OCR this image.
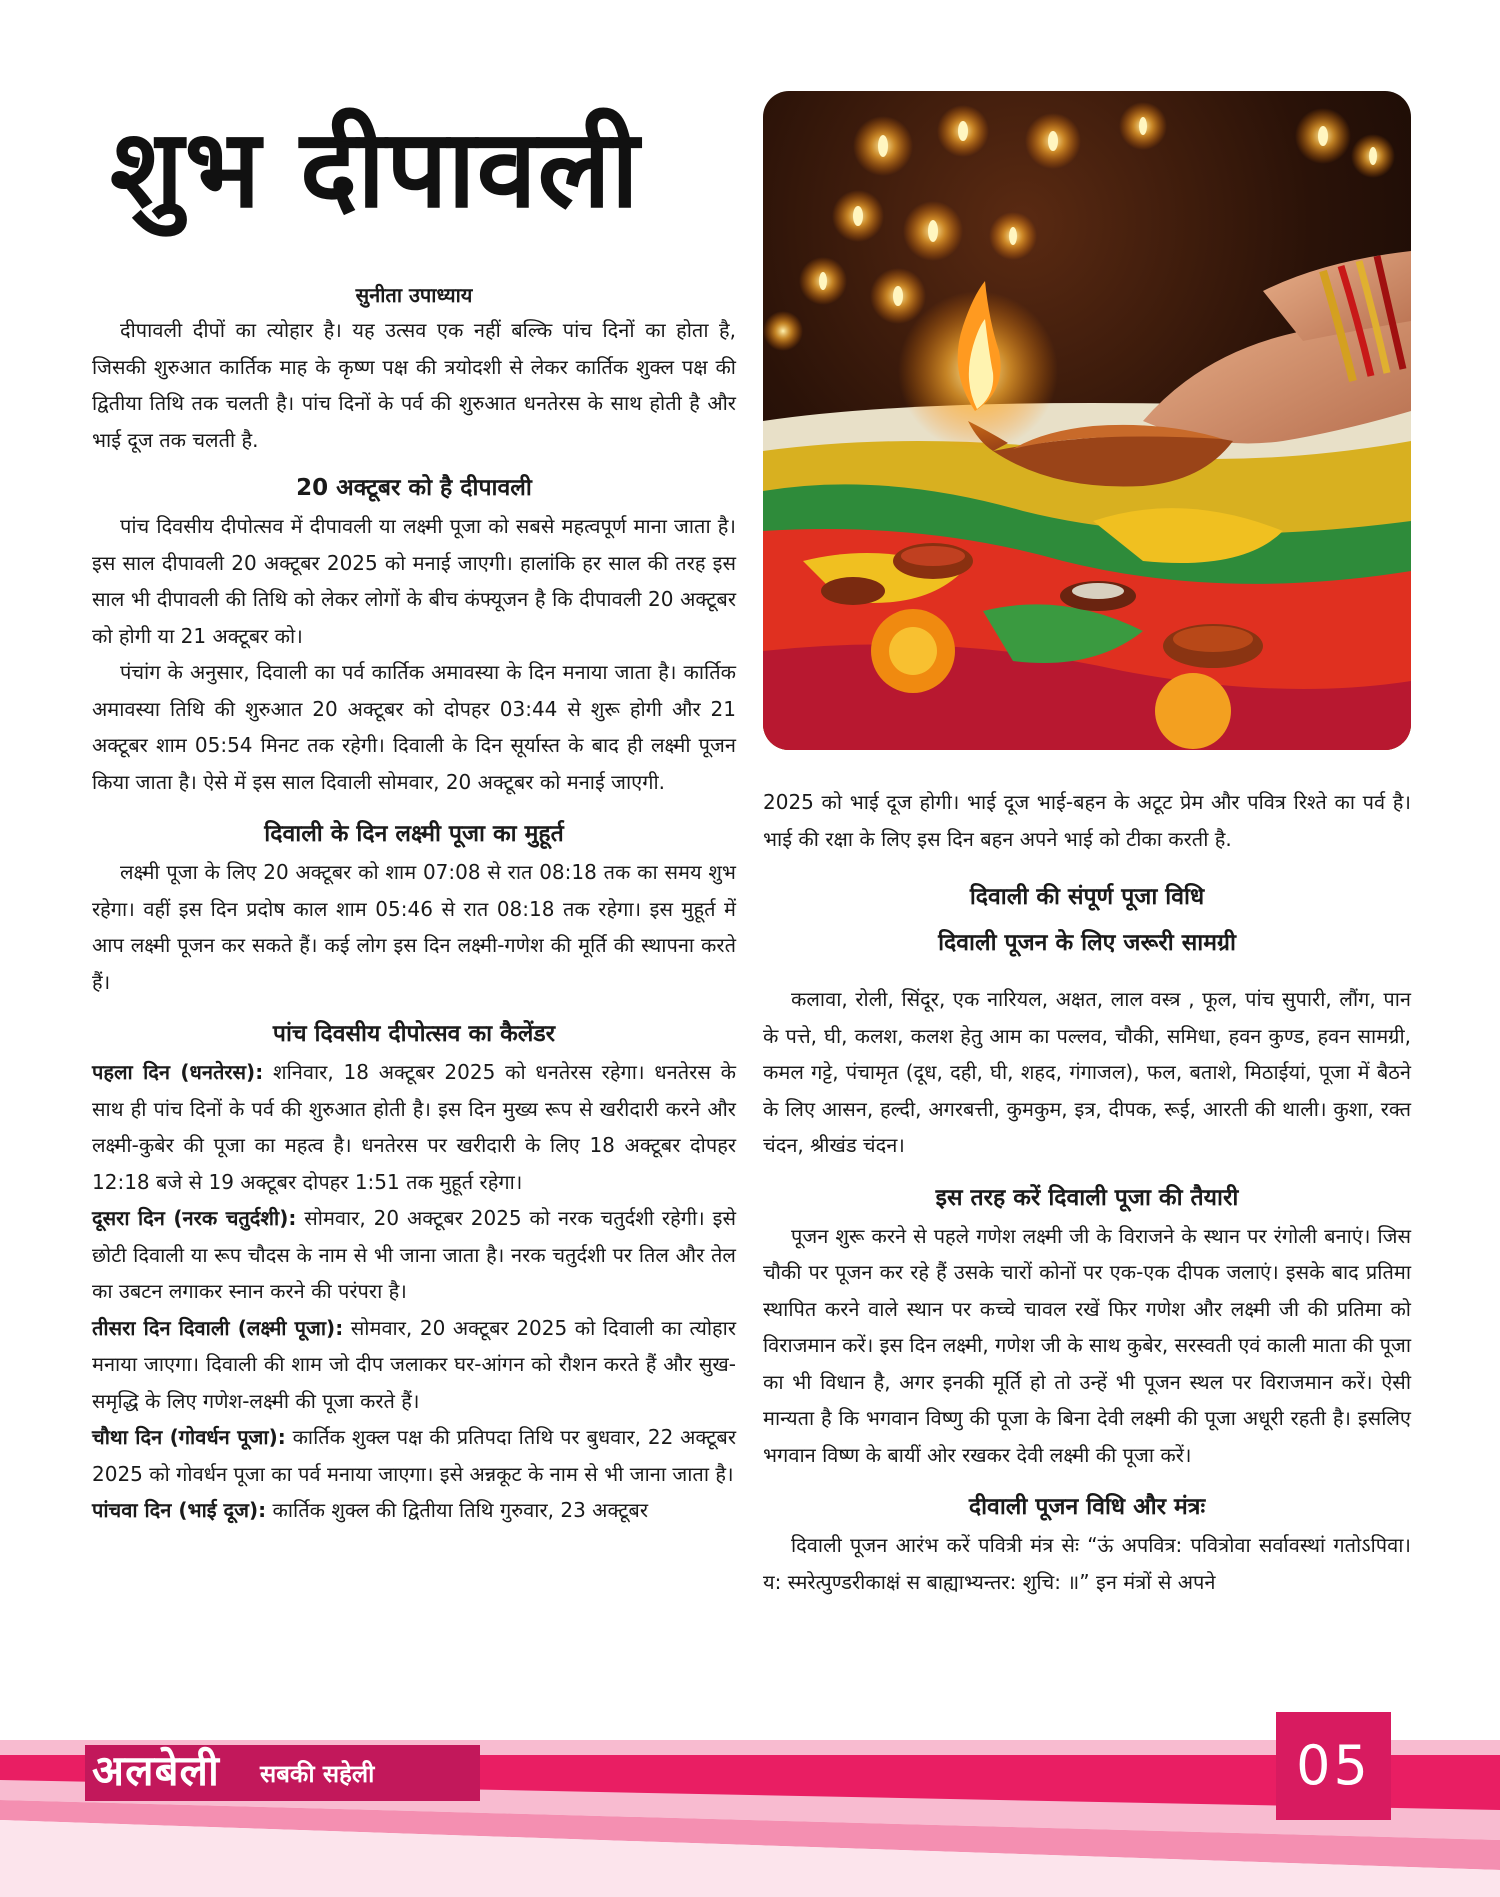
शुभ दीपावली
सुनीता उपाध्याय

दीपावली दीपों का त्योहार है। यह उत्सव एक नहीं बल्कि पांच दिनों का होता है, जिसकी शुरुआत कार्तिक माह के कृष्ण पक्ष की त्रयोदशी से लेकर कार्तिक शुक्ल पक्ष की द्वितीया तिथि तक चलती है। पांच दिनों के पर्व की शुरुआत धनतेरस के साथ होती है और भाई दूज तक चलती है.

20 अक्टूबर को है दीपावली

पांच दिवसीय दीपोत्सव में दीपावली या लक्ष्मी पूजा को सबसे महत्वपूर्ण माना जाता है। इस साल दीपावली 20 अक्टूबर 2025 को मनाई जाएगी। हालांकि हर साल की तरह इस साल भी दीपावली की तिथि को लेकर लोगों के बीच कंफ्यूजन है कि दीपावली 20 अक्टूबर को होगी या 21 अक्टूबर को।

पंचांग के अनुसार, दिवाली का पर्व कार्तिक अमावस्या के दिन मनाया जाता है। कार्तिक अमावस्या तिथि की शुरुआत 20 अक्टूबर को दोपहर 03:44 से शुरू होगी और 21 अक्टूबर शाम 05:54 मिनट तक रहेगी। दिवाली के दिन सूर्यास्त के बाद ही लक्ष्मी पूजन किया जाता है। ऐसे में इस साल दिवाली सोमवार, 20 अक्टूबर को मनाई जाएगी.

दिवाली के दिन लक्ष्मी पूजा का मुहूर्त

लक्ष्मी पूजा के लिए 20 अक्टूबर को शाम 07:08 से रात 08:18 तक का समय शुभ रहेगा। वहीं इस दिन प्रदोष काल शाम 05:46 से रात 08:18 तक रहेगा। इस मुहूर्त में आप लक्ष्मी पूजन कर सकते हैं। कई लोग इस दिन लक्ष्मी-गणेश की मूर्ति की स्थापना करते हैं।

पांच दिवसीय दीपोत्सव का कैलेंडर

पहला दिन (धनतेरस): शनिवार, 18 अक्टूबर 2025 को धनतेरस रहेगा। धनतेरस के साथ ही पांच दिनों के पर्व की शुरुआत होती है। इस दिन मुख्य रूप से खरीदारी करने और लक्ष्मी-कुबेर की पूजा का महत्व है। धनतेरस पर खरीदारी के लिए 18 अक्टूबर दोपहर 12:18 बजे से 19 अक्टूबर दोपहर 1:51 तक मुहूर्त रहेगा।

दूसरा दिन (नरक चतुर्दशी): सोमवार, 20 अक्टूबर 2025 को नरक चतुर्दशी रहेगी। इसे छोटी दिवाली या रूप चौदस के नाम से भी जाना जाता है। नरक चतुर्दशी पर तिल और तेल का उबटन लगाकर स्नान करने की परंपरा है।

तीसरा दिन दिवाली (लक्ष्मी पूजा): सोमवार, 20 अक्टूबर 2025 को दिवाली का त्योहार मनाया जाएगा। दिवाली की शाम जो दीप जलाकर घर-आंगन को रौशन करते हैं और सुख-समृद्धि के लिए गणेश-लक्ष्मी की पूजा करते हैं।

चौथा दिन (गोवर्धन पूजा): कार्तिक शुक्ल पक्ष की प्रतिपदा तिथि पर बुधवार, 22 अक्टूबर 2025 को गोवर्धन पूजा का पर्व मनाया जाएगा। इसे अन्नकूट के नाम से भी जाना जाता है।

पांचवा दिन (भाई दूज): कार्तिक शुक्ल की द्वितीया तिथि गुरुवार, 23 अक्टूबर

2025 को भाई दूज होगी। भाई दूज भाई-बहन के अटूट प्रेम और पवित्र रिश्ते का पर्व है। भाई की रक्षा के लिए इस दिन बहन अपने भाई को टीका करती है.

दिवाली की संपूर्ण पूजा विधि
दिवाली पूजन के लिए जरूरी सामग्री

कलावा, रोली, सिंदूर, एक नारियल, अक्षत, लाल वस्त्र , फूल, पांच सुपारी, लौंग, पान के पत्ते, घी, कलश, कलश हेतु आम का पल्लव, चौकी, समिधा, हवन कुण्ड, हवन सामग्री, कमल गट्टे, पंचामृत (दूध, दही, घी, शहद, गंगाजल), फल, बताशे, मिठाईयां, पूजा में बैठने के लिए आसन, हल्दी, अगरबत्ती, कुमकुम, इत्र, दीपक, रूई, आरती की थाली। कुशा, रक्त चंदन, श्रीखंड चंदन।

इस तरह करें दिवाली पूजा की तैयारी

पूजन शुरू करने से पहले गणेश लक्ष्मी जी के विराजने के स्थान पर रंगोली बनाएं। जिस चौकी पर पूजन कर रहे हैं उसके चारों कोनों पर एक-एक दीपक जलाएं। इसके बाद प्रतिमा स्थापित करने वाले स्थान पर कच्चे चावल रखें फिर गणेश और लक्ष्मी जी की प्रतिमा को विराजमान करें। इस दिन लक्ष्मी, गणेश जी के साथ कुबेर, सरस्वती एवं काली माता की पूजा का भी विधान है, अगर इनकी मूर्ति हो तो उन्हें भी पूजन स्थल पर विराजमान करें। ऐसी मान्यता है कि भगवान विष्णु की पूजा के बिना देवी लक्ष्मी की पूजा अधूरी रहती है। इसलिए भगवान विष्ण के बायीं ओर रखकर देवी लक्ष्मी की पूजा करें।

दीवाली पूजन विधि और मंत्रः

दिवाली पूजन आरंभ करें पवित्री मंत्र सेः “ऊं अपवित्र: पवित्रोवा सर्वावस्थां गतोऽपिवा। य: स्मरेत्पुण्डरीकाक्षं स बाह्याभ्यन्तर: शुचि: ॥” इन मंत्रों से अपने

अलबेली सबकी सहेली	05
